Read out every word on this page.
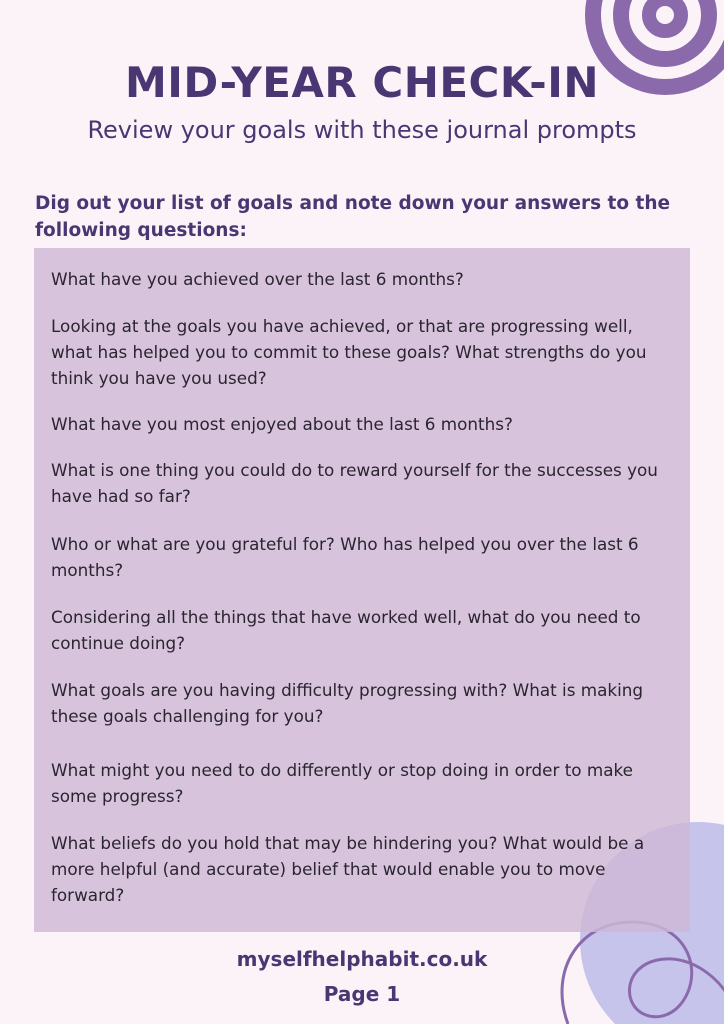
MID-YEAR CHECK-IN
Review your goals with these journal prompts
Dig out your list of goals and note down your answers to the following questions:

What have you achieved over the last 6 months?

Looking at the goals you have achieved, or that are progressing well, what has helped you to commit to these goals? What strengths do you think you have you used?

What have you most enjoyed about the last 6 months?

What is one thing you could do to reward yourself for the successes you have had so far?

Who or what are you grateful for? Who has helped you over the last 6 months?

Considering all the things that have worked well, what do you need to continue doing?

What goals are you having difficulty progressing with? What is making these goals challenging for you?

What might you need to do differently or stop doing in order to make some progress?

What beliefs do you hold that may be hindering you? What would be a more helpful (and accurate) belief that would enable you to move forward?

myselfhelphabit.co.uk
Page 1
